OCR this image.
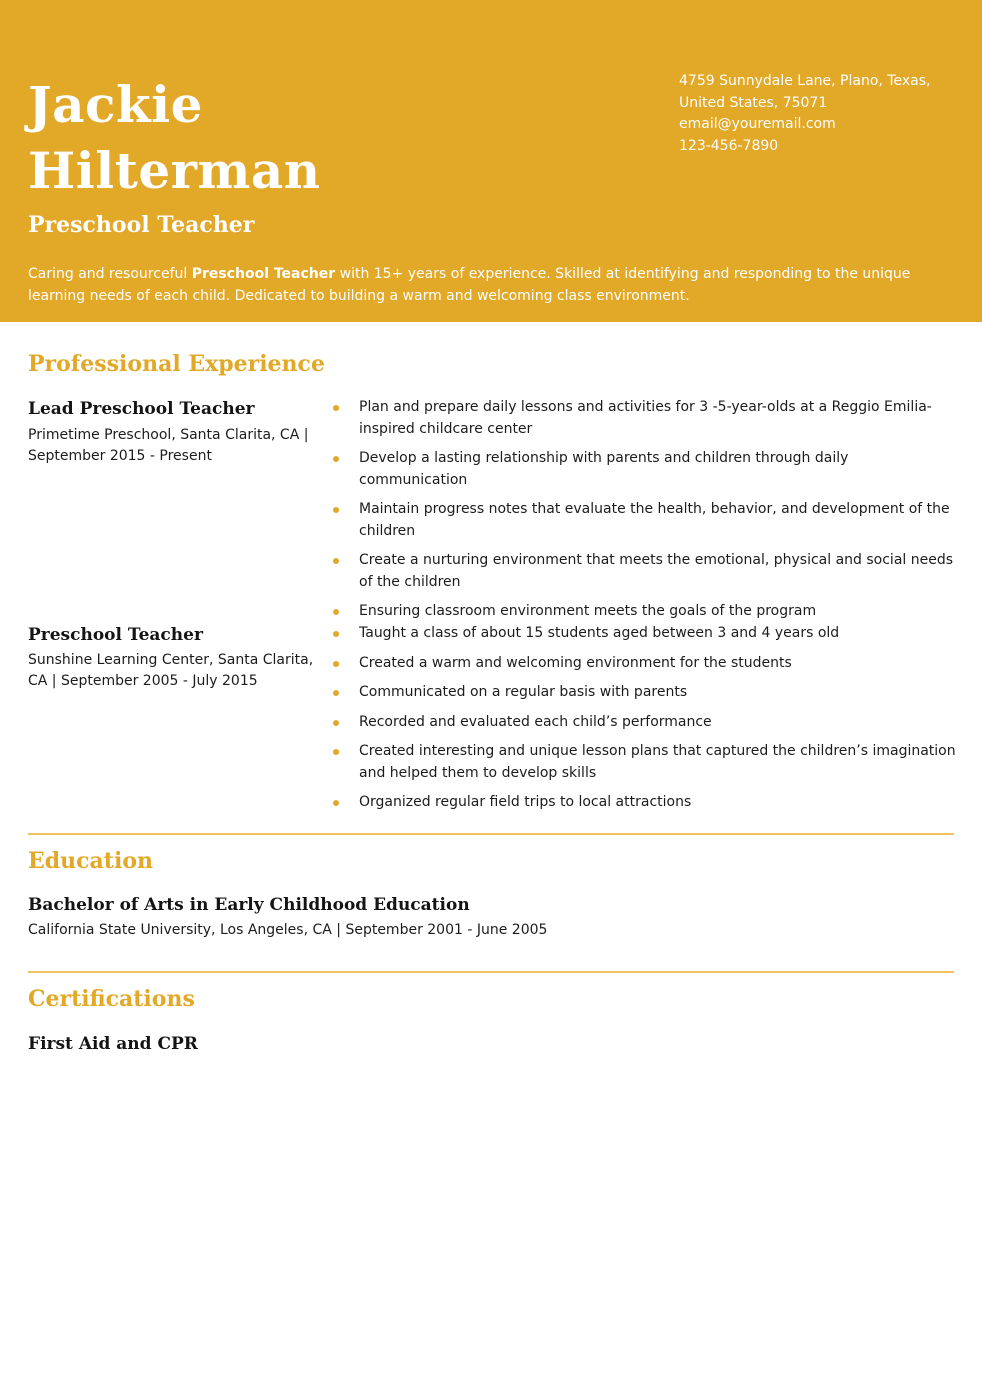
Jackie
Hilterman
Preschool Teacher
4759 Sunnydale Lane, Plano, Texas,
United States, 75071
email@youremail.com
123-456-7890

Caring and resourceful Preschool Teacher with 15+ years of experience. Skilled at identifying and responding to the unique learning needs of each child. Dedicated to building a warm and welcoming class environment.

Professional Experience
Lead Preschool Teacher

Primetime Preschool, Santa Clarita, CA | September 2015 - Present

Plan and prepare daily lessons and activities for 3 -5-year-olds at a Reggio Emilia-inspired childcare center
Develop a lasting relationship with parents and children through daily communication
Maintain progress notes that evaluate the health, behavior, and development of the children
Create a nurturing environment that meets the emotional, physical and social needs of the children
Ensuring classroom environment meets the goals of the program
Preschool Teacher

Sunshine Learning Center, Santa Clarita, CA | September 2005 - July 2015

Taught a class of about 15 students aged between 3 and 4 years old
Created a warm and welcoming environment for the students
Communicated on a regular basis with parents
Recorded and evaluated each child’s performance
Created interesting and unique lesson plans that captured the children’s imagination and helped them to develop skills
Organized regular field trips to local attractions
Education
Bachelor of Arts in Early Childhood Education

California State University, Los Angeles, CA | September 2001 - June 2005

Certifications
First Aid and CPR
